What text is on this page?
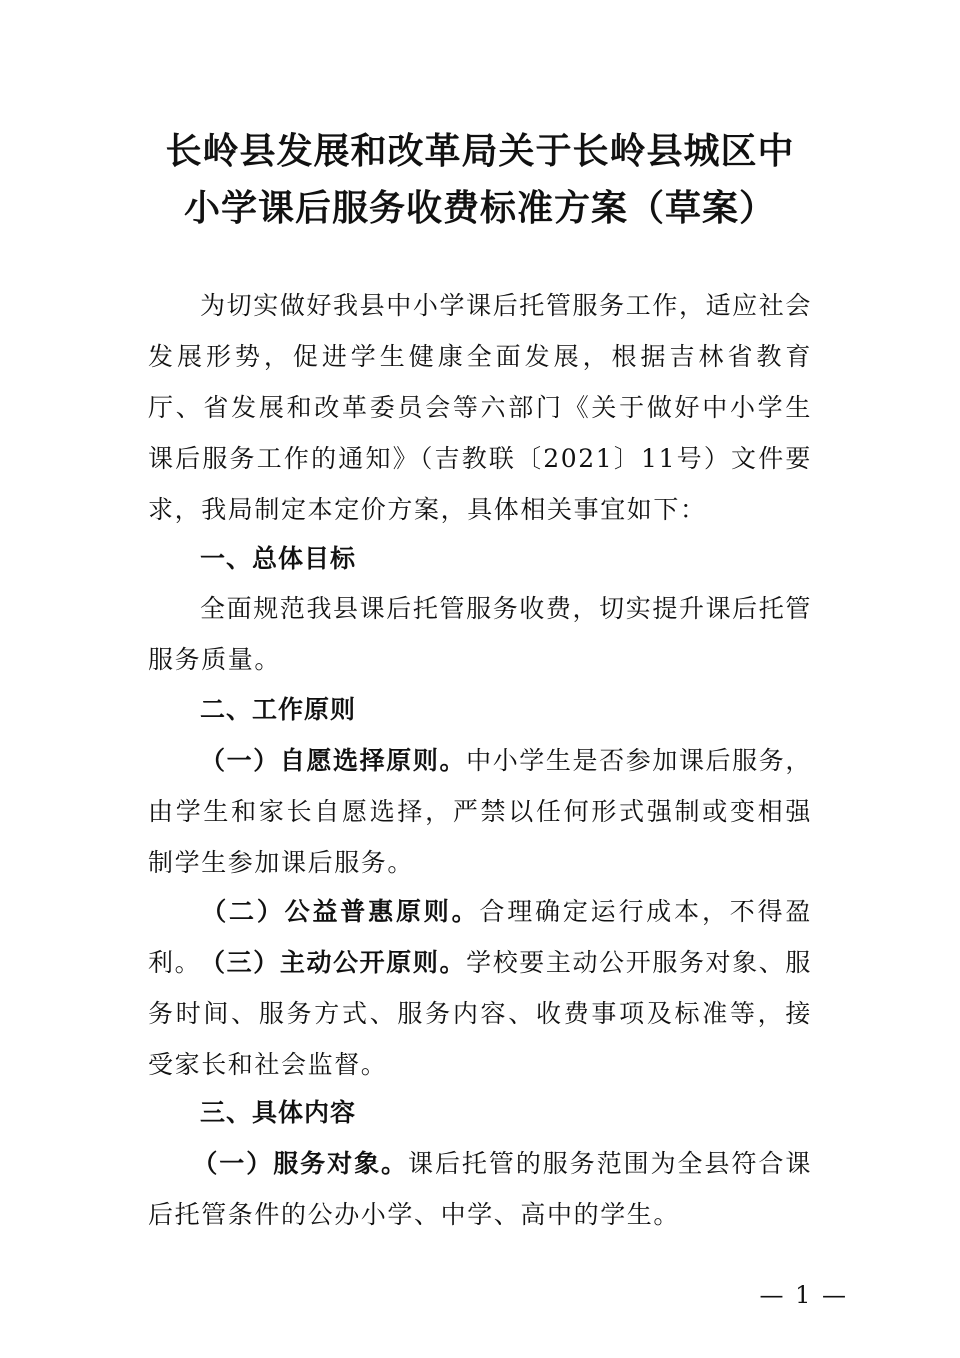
长岭县发展和改革局关于长岭县城区中
小学课后服务收费标准方案（草案）
为切实做好我县中小学课后托管服务工作，适应社会发展形势，促进学生健康全面发展，根据吉林省教育厅、省发展和改革委员会等六部门《关于做好中小学生课后服务工作的通知》（吉教联〔2021〕11号）文件要求，我局制定本定价方案，具体相关事宜如下：
一、总体目标
全面规范我县课后托管服务收费，切实提升课后托管服务质量。
二、工作原则
（一）自愿选择原则。中小学生是否参加课后服务，由学生和家长自愿选择，严禁以任何形式强制或变相强制学生参加课后服务。
（二）公益普惠原则。合理确定运行成本，不得盈利。
（三）主动公开原则。学校要主动公开服务对象、服务时间、服务方式、服务内容、收费事项及标准等，接受家长和社会监督。
三、具体内容
（一）服务对象。课后托管的服务范围为全县符合课后托管条件的公办小学、中学、高中的学生。
— 1 —
